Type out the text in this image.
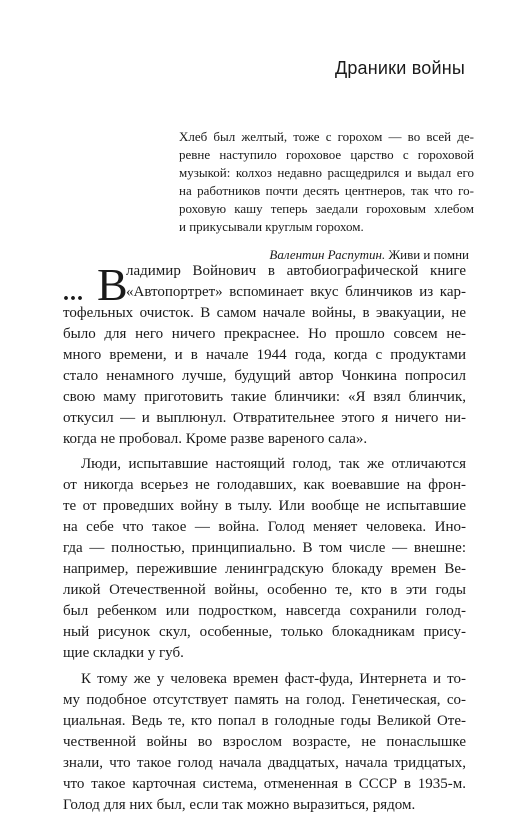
Драники войны
Хлеб был желтый, тоже с горохом — во всей де-
ревне наступило гороховое царство с гороховой
музыкой: колхоз недавно расщедрился и выдал его
на работников почти десять центнеров, так что го-
роховую кашу теперь заедали гороховым хлебом
и прикусывали круглым горохом.
Валентин Распутин. Живи и помни
... В
ладимир Войнович в автобиографической книге
«Автопортрет» вспоминает вкус блинчиков из кар-
тофельных очисток. В самом начале войны, в эвакуации, не
было для него ничего прекраснее. Но прошло совсем не-
много времени, и в начале 1944 года, когда с продуктами
стало ненамного лучше, будущий автор Чонкина попросил
свою маму приготовить такие блинчики: «Я взял блинчик,
откусил — и выплюнул. Отвратительнее этого я ничего ни-
когда не пробовал. Кроме разве вареного сала».
Люди, испытавшие настоящий голод, так же отличаются
от никогда всерьез не голодавших, как воевавшие на фрон-
те от проведших войну в тылу. Или вообще не испытавшие
на себе что такое — война. Голод меняет человека. Ино-
гда — полностью, принципиально. В том числе — внешне:
например, пережившие ленинградскую блокаду времен Ве-
ликой Отечественной войны, особенно те, кто в эти годы
был ребенком или подростком, навсегда сохранили голод-
ный рисунок скул, особенные, только блокадникам прису-
щие складки у губ.
К тому же у человека времен фаст-фуда, Интернета и то-
му подобное отсутствует память на голод. Генетическая, со-
циальная. Ведь те, кто попал в голодные годы Великой Оте-
чественной войны во взрослом возрасте, не понаслышке
знали, что такое голод начала двадцатых, начала тридцатых,
что такое карточная система, отмененная в СССР в 1935-м.
Голод для них был, если так можно выразиться, рядом.
